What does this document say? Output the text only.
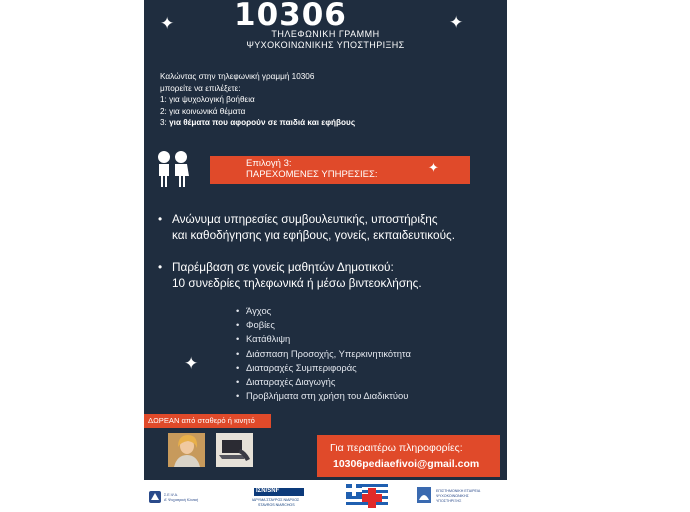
10306
ΤΗΛΕΦΩΝΙΚΗ ΓΡΑΜΜΗ
ΨΥΧΟΚΟΙΝΩΝΙΚΗΣ ΥΠΟΣΤΗΡΙΞΗΣ
✦	✦
Καλώντας στην τηλεφωνική γραμμή 10306
μπορείτε να επιλέξετε:
1: για ψυχολογική βοήθεια
2: για κοινωνικά θέματα
3: για θέματα που αφορούν σε παιδιά και εφήβους
Επιλογή 3:
ΠΑΡΕΧΟΜΕΝΕΣ ΥΠΗΡΕΣΙΕΣ:	✦
• Ανώνυμα υπηρεσίες συμβουλευτικής, υποστήριξης
και καθοδήγησης για εφήβους, γονείς, εκπαιδευτικούς.
• Παρέμβαση σε γονείς μαθητών Δημοτικού:
10 συνεδρίες τηλεφωνικά ή μέσω βιντεοκλήσης.
• Άγχος
• Φοβίες
• Κατάθλιψη
• Διάσπαση Προσοχής, Υπερκινητικότητα
• Διαταραχές Συμπεριφοράς
• Διαταραχές Διαγωγής
• Προβλήματα στη χρήση του Διαδικτύου
✦
ΔΩΡΕΑΝ από σταθερό ή κινητό
Για περαιτέρω πληροφορίες:
10306pediaefivoi@gmail.com
Σ.Ε.Ψ.Α.
Α' Ψυχιατρική Κλινική
ΙΣΝ/SNF
ΙΔΡΥΜΑ ΣΤΑΥΡΟΣ ΝΙΑΡΧΟΣ
STAVROS NIARCHOS
ΕΠΙΣΤΗΜΟΝΙΚΗ ΕΤΑΙΡΕΙΑ
ΨΥΧΟΚΟΙΝΩΝΙΚΗΣ
ΥΠΟΣΤΗΡΙΞΗΣ
